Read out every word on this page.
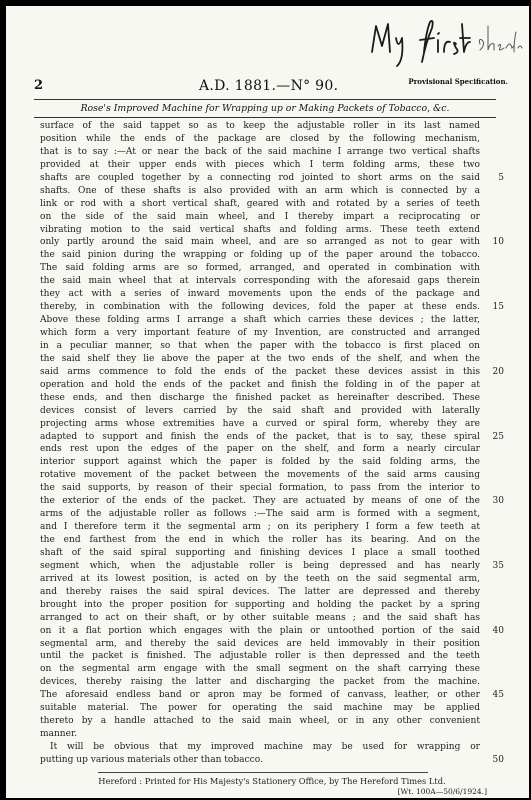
2	A.D. 1881.—N° 90.	Provisional Specification.
Rose's Improved Machine for Wrapping up or Making Packets of Tobacco, &c.
surface of the said tappet so as to keep the adjustable roller in its last named
position while the ends of the package are closed by the following mechanism,
that is to say :—At or near the back of the said machine I arrange two vertical shafts
provided at their upper ends with pieces which I term folding arms, these two
shafts are coupled together by a connecting rod jointed to short arms on the said 5
shafts. One of these shafts is also provided with an arm which is connected by a
link or rod with a short vertical shaft, geared with and rotated by a series of teeth
on the side of the said main wheel, and I thereby impart a reciprocating or
vibrating motion to the said vertical shafts and folding arms. These teeth extend
only partly around the said main wheel, and are so arranged as not to gear with 10
the said pinion during the wrapping or folding up of the paper around the tobacco.
The said folding arms are so formed, arranged, and operated in combination with
the said main wheel that at intervals corresponding with the aforesaid gaps therein
they act with a series of inward movements upon the ends of the package and
thereby, in combination with the following devices, fold the paper at these ends. 15
Above these folding arms I arrange a shaft which carries these devices ; the latter,
which form a very important feature of my Invention, are constructed and arranged
in a peculiar manner, so that when the paper with the tobacco is first placed on
the said shelf they lie above the paper at the two ends of the shelf, and when the
said arms commence to fold the ends of the packet these devices assist in this 20
operation and hold the ends of the packet and finish the folding in of the paper at
these ends, and then discharge the finished packet as hereinafter described. These
devices consist of levers carried by the said shaft and provided with laterally
projecting arms whose extremities have a curved or spiral form, whereby they are
adapted to support and finish the ends of the packet, that is to say, these spiral 25
ends rest upon the edges of the paper on the shelf, and form a nearly circular
interior support against which the paper is folded by the said folding arms, the
rotative movement of the packet between the movements of the said arms causing
the said supports, by reason of their special formation, to pass from the interior to
the exterior of the ends of the packet. They are actuated by means of one of the 30
arms of the adjustable roller as follows :—The said arm is formed with a segment,
and I therefore term it the segmental arm ; on its periphery I form a few teeth at
the end farthest from the end in which the roller has its bearing. And on the
shaft of the said spiral supporting and finishing devices I place a small toothed
segment which, when the adjustable roller is being depressed and has nearly 35
arrived at its lowest position, is acted on by the teeth on the said segmental arm,
and thereby raises the said spiral devices. The latter are depressed and thereby
brought into the proper position for supporting and holding the packet by a spring
arranged to act on their shaft, or by other suitable means ; and the said shaft has
on it a flat portion which engages with the plain or untoothed portion of the said 40
segmental arm, and thereby the said devices are held immovably in their position
until the packet is finished. The adjustable roller is then depressed and the teeth
on the segmental arm engage with the small segment on the shaft carrying these
devices, thereby raising the latter and discharging the packet from the machine.
The aforesaid endless band or apron may be formed of canvass, leather, or other 45
suitable material. The power for operating the said machine may be applied
thereto by a handle attached to the said main wheel, or in any other convenient
manner.
It will be obvious that my improved machine may be used for wrapping or
putting up various materials other than tobacco.	50
Hereford : Printed for His Majesty's Stationery Office, by The Hereford Times Ltd.
[Wt. 100A—50/6/1924.]
